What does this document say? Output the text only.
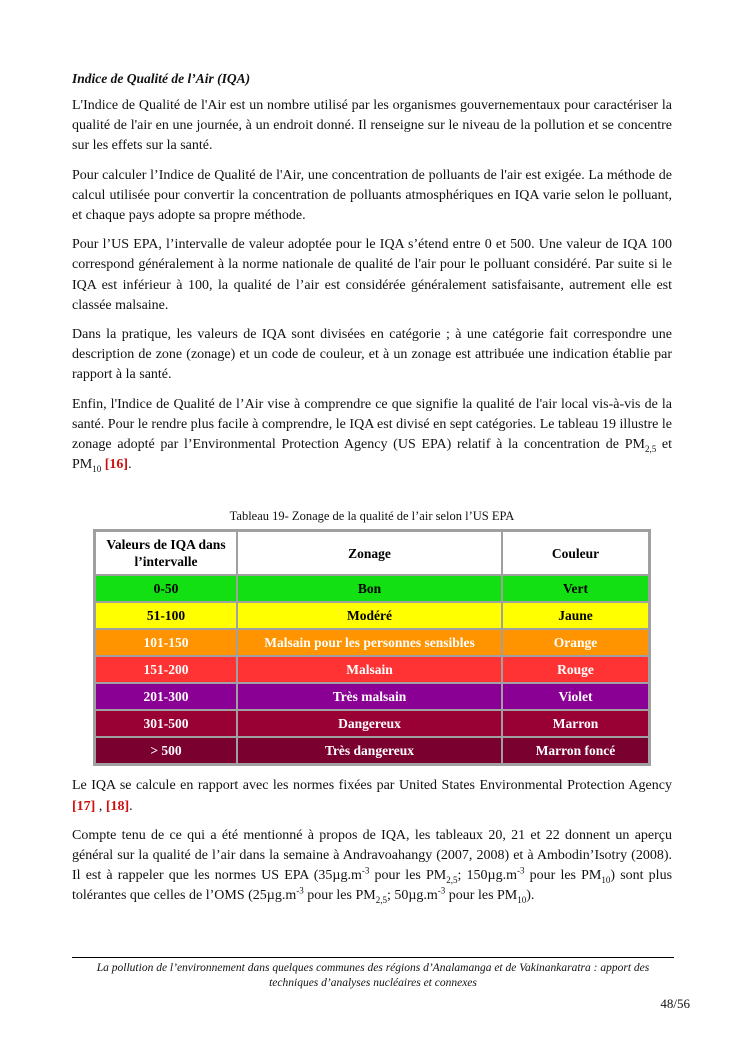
Indice de Qualité de l’Air (IQA)

L'Indice de Qualité de l'Air est un nombre utilisé par les organismes gouvernementaux pour caractériser la qualité de l'air en une journée, à un endroit donné. Il renseigne sur le niveau de la pollution et se concentre sur les effets sur la santé.

Pour calculer l’Indice de Qualité de l'Air, une concentration de polluants de l'air est exigée. La méthode de calcul utilisée pour convertir la concentration de polluants atmosphériques en IQA varie selon le polluant, et chaque pays adopte sa propre méthode.

Pour l’US EPA, l’intervalle de valeur adoptée pour le IQA s’étend entre 0 et 500. Une valeur de IQA 100 correspond généralement à la norme nationale de qualité de l'air pour le polluant considéré. Par suite si le IQA est inférieur à 100, la qualité de l’air est considérée généralement satisfaisante, autrement elle est classée malsaine.

Dans la pratique, les valeurs de IQA sont divisées en catégorie ; à une catégorie fait correspondre une description de zone (zonage) et un code de couleur, et à un zonage est attribuée une indication établie par rapport à la santé.

Enfin, l'Indice de Qualité de l’Air vise à comprendre ce que signifie la qualité de l'air local vis-à-vis de la santé. Pour le rendre plus facile à comprendre, le IQA est divisé en sept catégories. Le tableau 19 illustre le zonage adopté par l’Environmental Protection Agency (US EPA) relatif à la concentration de $PM_{2,5}$ et $PM_{10}$ [16].

Tableau 19- Zonage de la qualité de l’air selon l’US EPA
Valeurs de IQA dans l’intervalle	Zonage	Couleur
0-50	Bon	Vert
51-100	Modéré	Jaune
101-150	Malsain pour les personnes sensibles	Orange
151-200	Malsain	Rouge
201-300	Très malsain	Violet
301-500	Dangereux	Marron
> 500	Très dangereux	Marron foncé

Le IQA se calcule en rapport avec les normes fixées par United States Environmental Protection Agency [17] , [18].

Compte tenu de ce qui a été mentionné à propos de IQA, les tableaux 20, 21 et 22 donnent un aperçu général sur la qualité de l’air dans la semaine à Andravoahangy (2007, 2008) et à Ambodin’Isotry (2008). Il est à rappeler que les normes US EPA ($35\mu g.m^{-3}$ pour les $PM_{2,5}$; $150\mu g.m^{-3}$ pour les $PM_{10}$) sont plus tolérantes que celles de l’OMS ($25\mu g.m^{-3}$ pour les $PM_{2,5}$; $50\mu g.m^{-3}$ pour les $PM_{10}$).

La pollution de l’environnement dans quelques communes des régions d’Analamanga et de Vakinankaratra : apport des techniques d’analyses nucléaires et connexes
48/56
